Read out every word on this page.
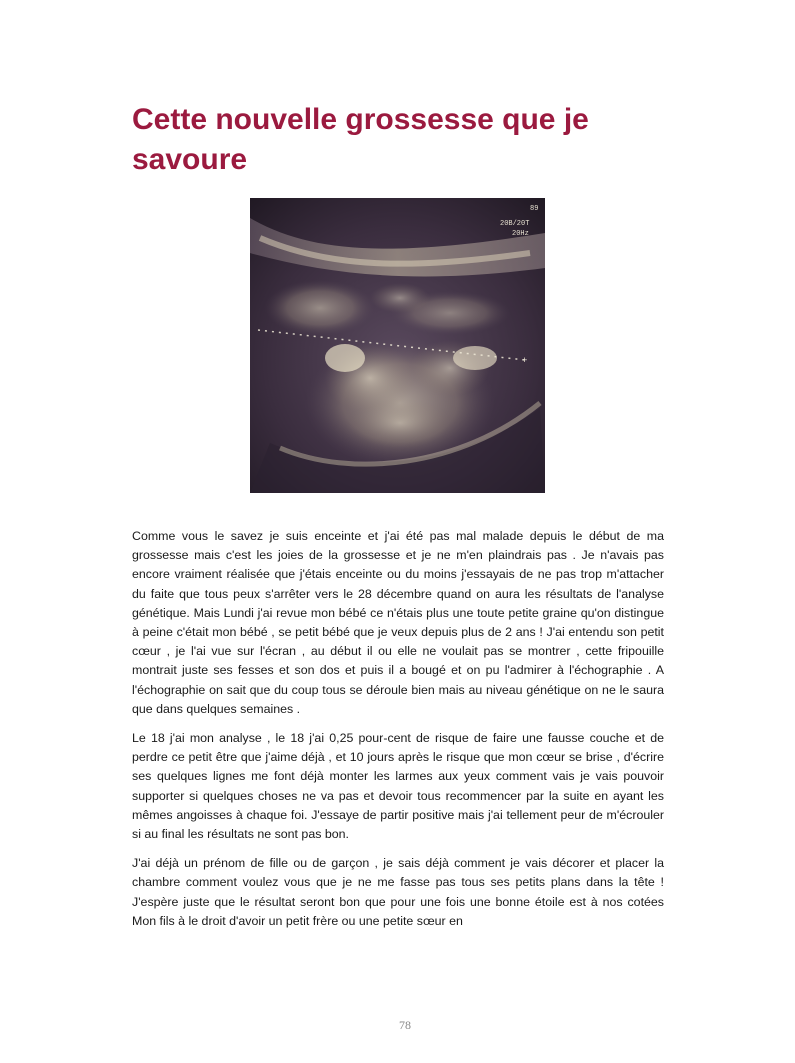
Cette nouvelle grossesse que je savoure
+
89
20B/20T
20Hz

Comme vous le savez je suis enceinte et j'ai été pas mal malade depuis le début de ma grossesse mais c'est les joies de la grossesse et je ne m'en plaindrais pas . Je n'avais pas encore vraiment réalisée que j'étais enceinte ou du moins j'essayais de ne pas trop m'attacher du faite que tous peux s'arrêter vers le 28 décembre quand on aura les résultats de l'analyse génétique. Mais Lundi j'ai revue mon bébé ce n'étais plus une toute petite graine qu'on distingue à peine c'était mon bébé , se petit bébé que je veux depuis plus de 2 ans ! J'ai entendu son petit cœur , je l'ai vue sur l'écran , au début il ou elle ne voulait pas se montrer , cette fripouille montrait juste ses fesses et son dos et puis il a bougé et on pu l'admirer à l'échographie . A l'échographie on sait que du coup tous se déroule bien mais au niveau génétique on ne le saura que dans quelques semaines .

Le 18 j'ai mon analyse , le 18 j'ai 0,25 pour-cent de risque de faire une fausse couche et de perdre ce petit être que j'aime déjà , et 10 jours après le risque que mon cœur se brise , d'écrire ses quelques lignes me font déjà monter les larmes aux yeux comment vais je vais pouvoir supporter si quelques choses ne va pas et devoir tous recommencer par la suite en ayant les mêmes angoisses à chaque foi. J'essaye de partir positive mais j'ai tellement peur de m'écrouler si au final les résultats ne sont pas bon.

J'ai déjà un prénom de fille ou de garçon , je sais déjà comment je vais décorer et placer la chambre comment voulez vous que je ne me fasse pas tous ses petits plans dans la tête ! J'espère juste que le résultat seront bon que pour une fois une bonne étoile est à nos cotées Mon fils à le droit d'avoir un petit frère ou une petite sœur en

78
